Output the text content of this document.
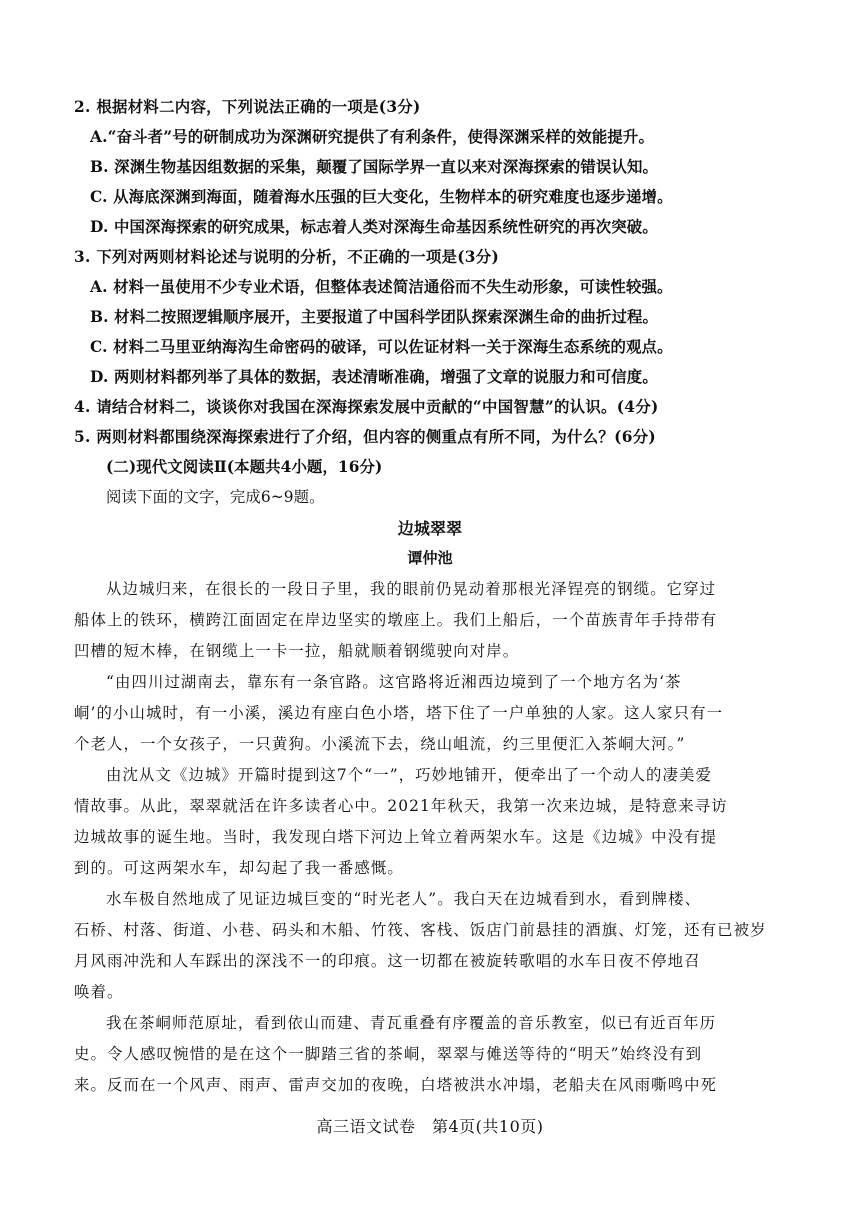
2. 根据材料二内容，下列说法正确的一项是(3分)
A.“奋斗者”号的研制成功为深渊研究提供了有利条件，使得深渊采样的效能提升。
B. 深渊生物基因组数据的采集，颠覆了国际学界一直以来对深海探索的错误认知。
C. 从海底深渊到海面，随着海水压强的巨大变化，生物样本的研究难度也逐步递增。
D. 中国深海探索的研究成果，标志着人类对深海生命基因系统性研究的再次突破。
3. 下列对两则材料论述与说明的分析，不正确的一项是(3分)
A. 材料一虽使用不少专业术语，但整体表述简洁通俗而不失生动形象，可读性较强。
B. 材料二按照逻辑顺序展开，主要报道了中国科学团队探索深渊生命的曲折过程。
C. 材料二马里亚纳海沟生命密码的破译，可以佐证材料一关于深海生态系统的观点。
D. 两则材料都列举了具体的数据，表述清晰准确，增强了文章的说服力和可信度。
4. 请结合材料二，谈谈你对我国在深海探索发展中贡献的“中国智慧”的认识。(4分)
5. 两则材料都围绕深海探索进行了介绍，但内容的侧重点有所不同，为什么？(6分)
(二)现代文阅读Ⅱ(本题共4小题，16分)
阅读下面的文字，完成6~9题。
边城翠翠
谭仲池
从边城归来，在很长的一段日子里，我的眼前仍晃动着那根光泽锃亮的钢缆。它穿过
船体上的铁环，横跨江面固定在岸边坚实的墩座上。我们上船后，一个苗族青年手持带有
凹槽的短木棒，在钢缆上一卡一拉，船就顺着钢缆驶向对岸。
“由四川过湖南去，靠东有一条官路。这官路将近湘西边境到了一个地方名为‘茶
峒’的小山城时，有一小溪，溪边有座白色小塔，塔下住了一户单独的人家。这人家只有一
个老人，一个女孩子，一只黄狗。小溪流下去，绕山岨流，约三里便汇入茶峒大河。”
由沈从文《边城》开篇时提到这7个“一”，巧妙地铺开，便牵出了一个动人的凄美爱
情故事。从此，翠翠就活在许多读者心中。2021年秋天，我第一次来边城，是特意来寻访
边城故事的诞生地。当时，我发现白塔下河边上耸立着两架水车。这是《边城》中没有提
到的。可这两架水车，却勾起了我一番感慨。
水车极自然地成了见证边城巨变的“时光老人”。我白天在边城看到水，看到牌楼、
石桥、村落、街道、小巷、码头和木船、竹筏、客栈、饭店门前悬挂的酒旗、灯笼，还有已被岁
月风雨冲洗和人车踩出的深浅不一的印痕。这一切都在被旋转歌唱的水车日夜不停地召
唤着。
我在茶峒师范原址，看到依山而建、青瓦重叠有序覆盖的音乐教室，似已有近百年历
史。令人感叹惋惜的是在这个一脚踏三省的茶峒，翠翠与傩送等待的“明天”始终没有到
来。反而在一个风声、雨声、雷声交加的夜晚，白塔被洪水冲塌，老船夫在风雨嘶鸣中死
高三语文试卷　第4页(共10页)
